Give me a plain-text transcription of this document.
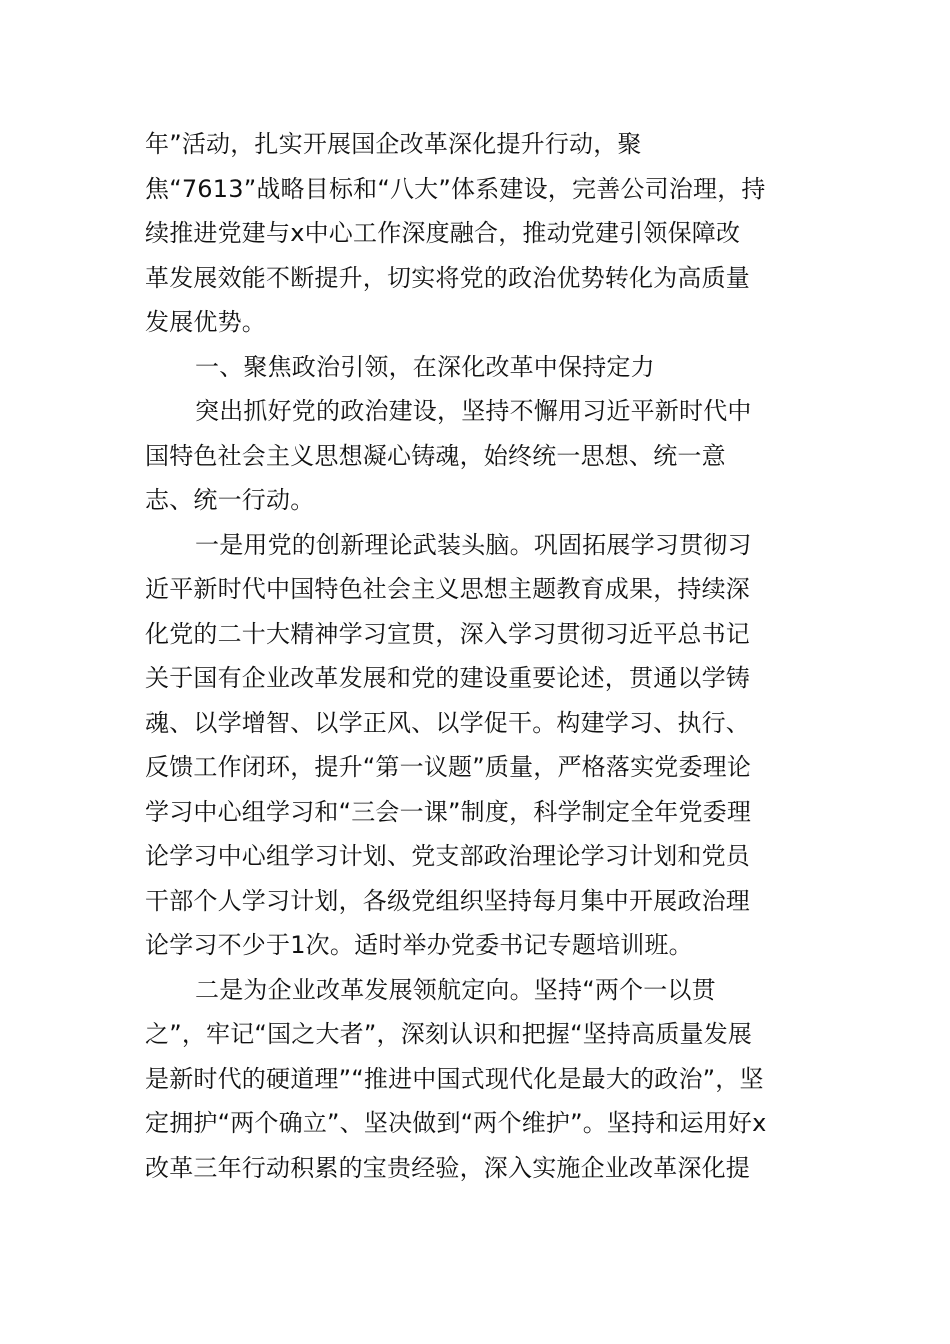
年”活动，扎实开展国企改革深化提升行动，聚
焦“7613”战略目标和“八大”体系建设，完善公司治理，持
续推进党建与x中心工作深度融合，推动党建引领保障改
革发展效能不断提升，切实将党的政治优势转化为高质量
发展优势。
一、聚焦政治引领，在深化改革中保持定力
突出抓好党的政治建设，坚持不懈用习近平新时代中
国特色社会主义思想凝心铸魂，始终统一思想、统一意
志、统一行动。
一是用党的创新理论武装头脑。巩固拓展学习贯彻习
近平新时代中国特色社会主义思想主题教育成果，持续深
化党的二十大精神学习宣贯，深入学习贯彻习近平总书记
关于国有企业改革发展和党的建设重要论述，贯通以学铸
魂、以学增智、以学正风、以学促干。构建学习、执行、
反馈工作闭环，提升“第一议题”质量，严格落实党委理论
学习中心组学习和“三会一课”制度，科学制定全年党委理
论学习中心组学习计划、党支部政治理论学习计划和党员
干部个人学习计划，各级党组织坚持每月集中开展政治理
论学习不少于1次。适时举办党委书记专题培训班。
二是为企业改革发展领航定向。坚持“两个一以贯
之”，牢记“国之大者”，深刻认识和把握“坚持高质量发展
是新时代的硬道理”“推进中国式现代化是最大的政治”，坚
定拥护“两个确立”、坚决做到“两个维护”。坚持和运用好x
改革三年行动积累的宝贵经验，深入实施企业改革深化提
